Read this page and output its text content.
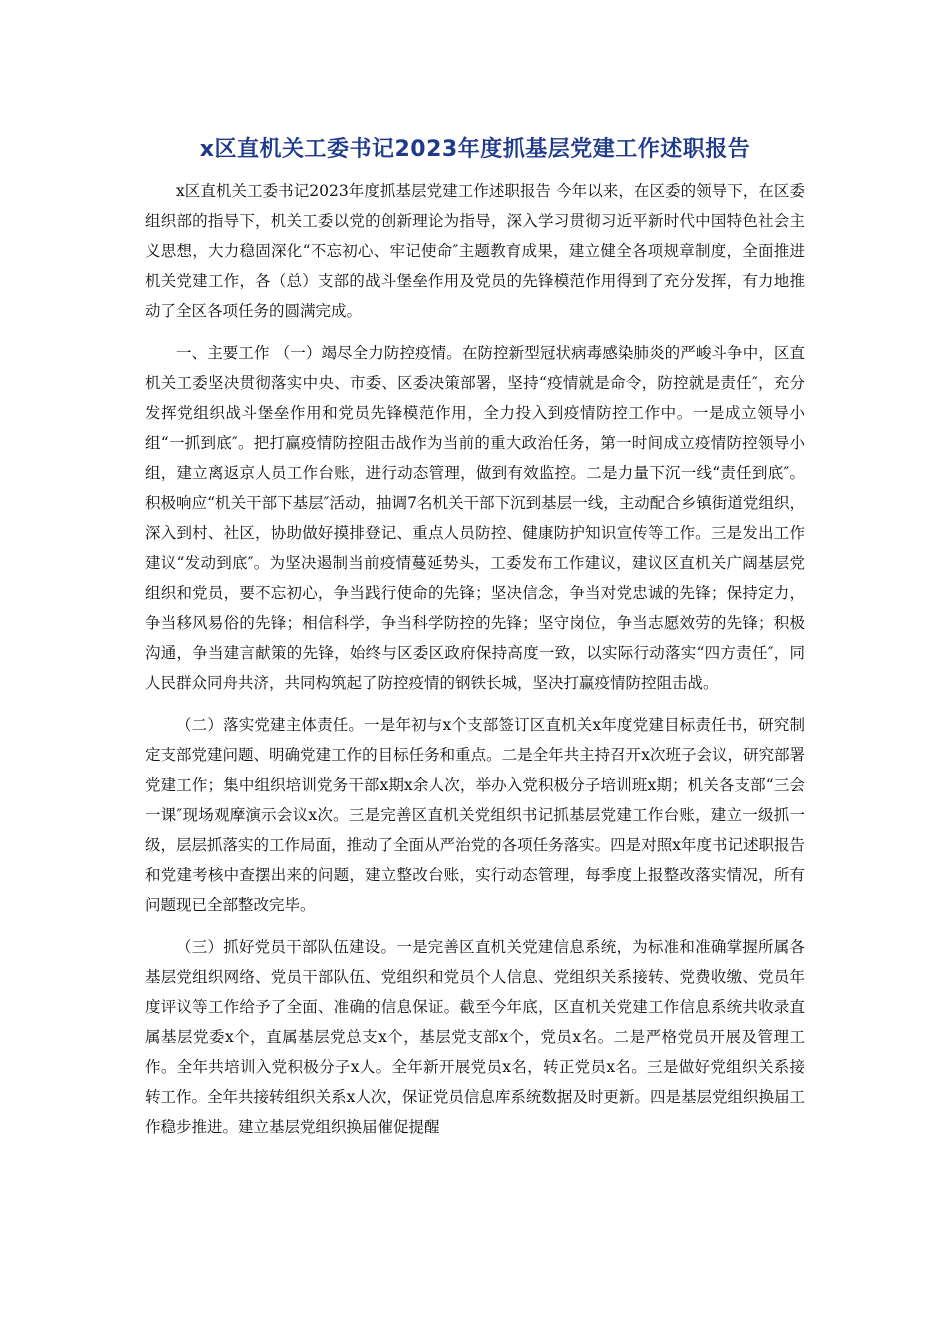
x区直机关工委书记2023年度抓基层党建工作述职报告

x区直机关工委书记2023年度抓基层党建工作述职报告 今年以来，在区委的领导下，在区委组织部的指导下，机关工委以党的创新理论为指导，深入学习贯彻习近平新时代中国特色社会主义思想，大力稳固深化“不忘初心、牢记使命″主题教育成果，建立健全各项规章制度，全面推进机关党建工作，各（总）支部的战斗堡垒作用及党员的先锋模范作用得到了充分发挥，有力地推动了全区各项任务的圆满完成。

一、主要工作 （一）竭尽全力防控疫情。在防控新型冠状病毒感染肺炎的严峻斗争中，区直机关工委坚决贯彻落实中央、市委、区委决策部署，坚持“疫情就是命令，防控就是责任″，充分发挥党组织战斗堡垒作用和党员先锋模范作用，全力投入到疫情防控工作中。一是成立领导小组“一抓到底″。把打赢疫情防控阻击战作为当前的重大政治任务，第一时间成立疫情防控领导小组，建立离返京人员工作台账，进行动态管理，做到有效监控。二是力量下沉一线“责任到底″。积极响应“机关干部下基层″活动，抽调7名机关干部下沉到基层一线，主动配合乡镇街道党组织，深入到村、社区，协助做好摸排登记、重点人员防控、健康防护知识宣传等工作。三是发出工作建议“发动到底″。为坚决遏制当前疫情蔓延势头，工委发布工作建议，建议区直机关广阔基层党组织和党员，要不忘初心，争当践行使命的先锋；坚决信念，争当对党忠诚的先锋；保持定力，争当移风易俗的先锋；相信科学，争当科学防控的先锋；坚守岗位，争当志愿效劳的先锋；积极沟通，争当建言献策的先锋，始终与区委区政府保持高度一致，以实际行动落实“四方责任″，同人民群众同舟共济，共同构筑起了防控疫情的钢铁长城，坚决打赢疫情防控阻击战。

（二）落实党建主体责任。一是年初与x个支部签订区直机关x年度党建目标责任书，研究制定支部党建问题、明确党建工作的目标任务和重点。二是全年共主持召开x次班子会议，研究部署党建工作；集中组织培训党务干部x期x余人次，举办入党积极分子培训班x期；机关各支部“三会一课″现场观摩演示会议x次。三是完善区直机关党组织书记抓基层党建工作台账，建立一级抓一级，层层抓落实的工作局面，推动了全面从严治党的各项任务落实。四是对照x年度书记述职报告和党建考核中查摆出来的问题，建立整改台账，实行动态管理，每季度上报整改落实情况，所有问题现已全部整改完毕。

（三）抓好党员干部队伍建设。一是完善区直机关党建信息系统，为标准和准确掌握所属各基层党组织网络、党员干部队伍、党组织和党员个人信息、党组织关系接转、党费收缴、党员年度评议等工作给予了全面、准确的信息保证。截至今年底，区直机关党建工作信息系统共收录直属基层党委x个，直属基层党总支x个，基层党支部x个，党员x名。二是严格党员开展及管理工作。全年共培训入党积极分子x人。全年新开展党员x名，转正党员x名。三是做好党组织关系接转工作。全年共接转组织关系x人次，保证党员信息库系统数据及时更新。四是基层党组织换届工作稳步推进。建立基层党组织换届催促提醒
